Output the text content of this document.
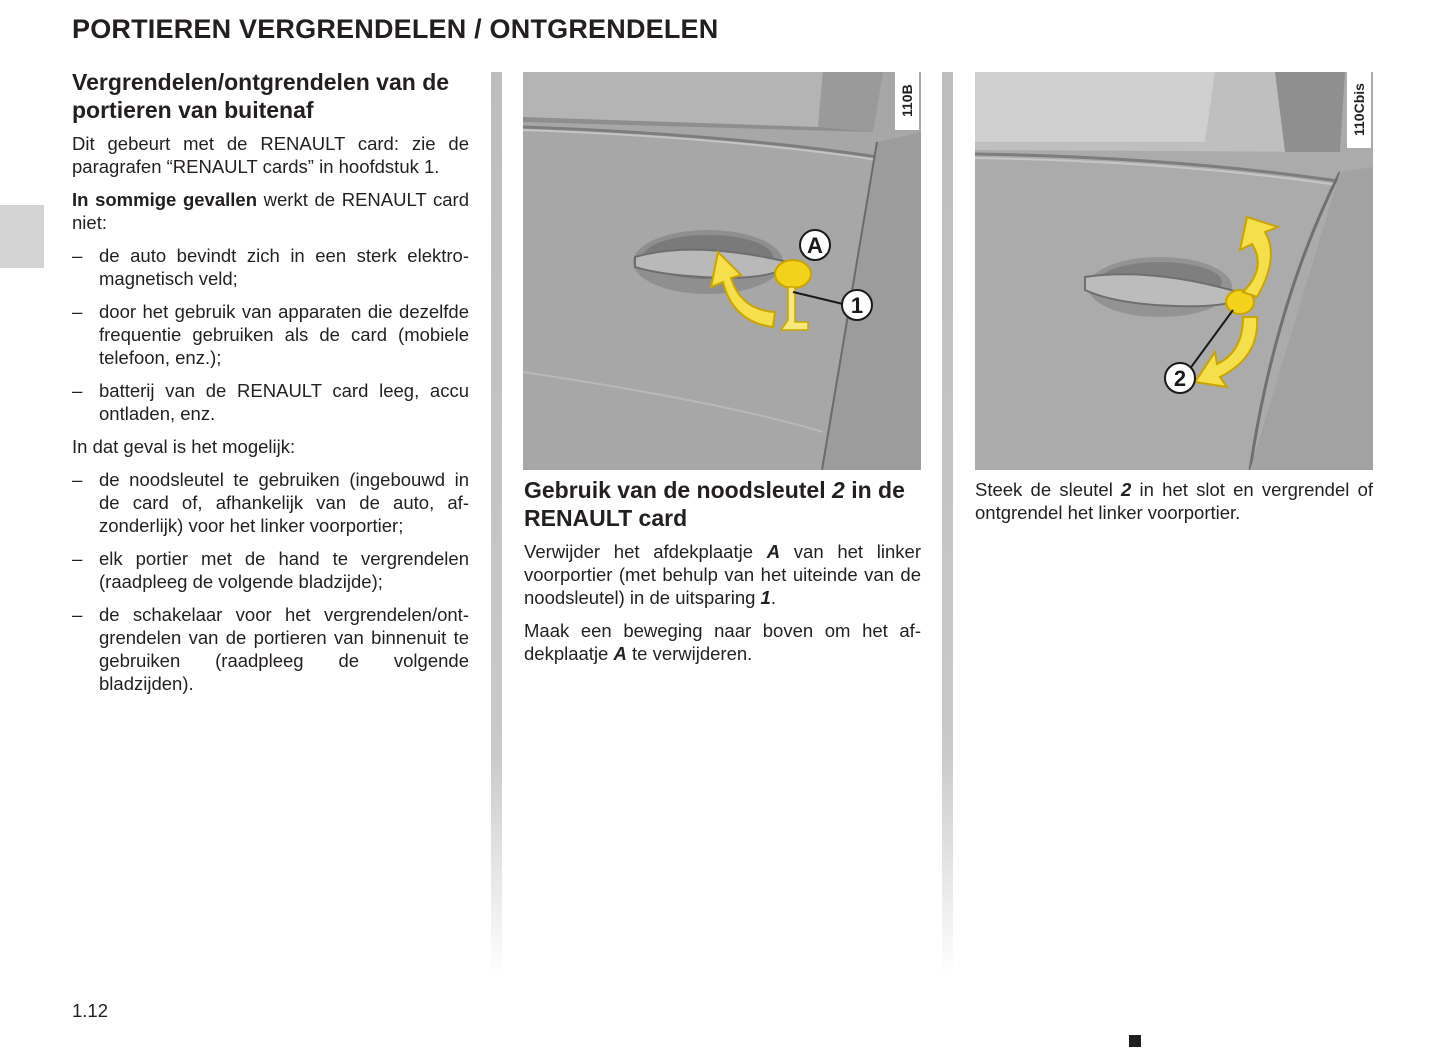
PORTIEREN VERGRENDELEN / ONTGRENDELEN
Vergrendelen/ontgrendelen van de portieren van buitenaf

Dit gebeurt met de RENAULT card: zie de paragrafen “RENAULT cards” in hoofdstuk 1.

In sommige gevallen werkt de RENAULT card niet:

– de auto bevindt zich in een sterk elektromagnetisch veld;
– door het gebruik van apparaten die dezelfde frequentie gebruiken als de card (mobiele telefoon, enz.);
– batterij van de RENAULT card leeg, accu ontladen, enz.

In dat geval is het mogelijk:

– de noodsleutel te gebruiken (ingebouwd in de card of, afhankelijk van de auto, afzonderlijk) voor het linker voorportier;
– elk portier met de hand te vergrendelen (raadpleeg de volgende bladzijde);
– de schakelaar voor het vergrendelen/ontgrendelen van de portieren van binnenuit te gebruiken (raadpleeg de volgende bladzijden).
A
1
110B
2
110Cbis
Gebruik van de noodsleutel 2 in de RENAULT card

Verwijder het afdekplaatje A van het linker voorportier (met behulp van het uiteinde van de noodsleutel) in de uitsparing 1.

Maak een beweging naar boven om het afdekplaatje A te verwijderen.

Steek de sleutel 2 in het slot en vergrendel of ontgrendel het linker voorportier.

1.12
